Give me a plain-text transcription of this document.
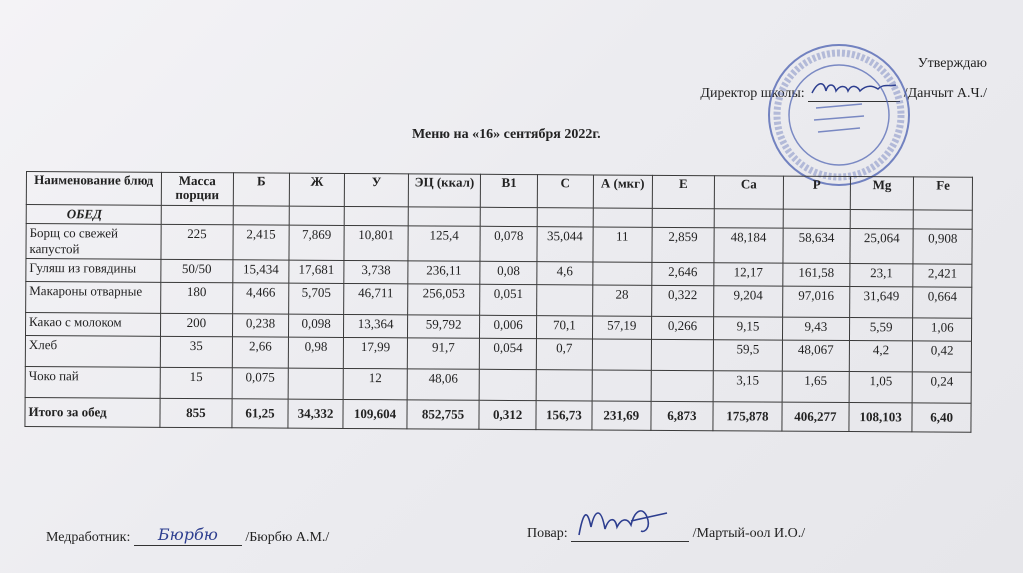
Утверждаю
Директор школы:	/Данчыт А.Ч./
Меню на «16» сентября 2022г.
Наименование блюд	Масса порции	Б	Ж	У	ЭЦ (ккал)	В1	С	А (мкг)	Е	Са	Р	Mg	Fe
ОБЕД													
Борщ со свежей капустой	225	2,415	7,869	10,801	125,4	0,078	35,044	11	2,859	48,184	58,634	25,064	0,908
Гуляш из говядины	50/50	15,434	17,681	3,738	236,11	0,08	4,6		2,646	12,17	161,58	23,1	2,421
Макароны отварные	180	4,466	5,705	46,711	256,053	0,051		28	0,322	9,204	97,016	31,649	0,664
Какао с молоком	200	0,238	0,098	13,364	59,792	0,006	70,1	57,19	0,266	9,15	9,43	5,59	1,06
Хлеб	35	2,66	0,98	17,99	91,7	0,054	0,7			59,5	48,067	4,2	0,42
Чоко пай	15	0,075		12	48,06					3,15	1,65	1,05	0,24
Итого за обед	855	61,25	34,332	109,604	852,755	0,312	156,73	231,69	6,873	175,878	406,277	108,103	6,40
Медработник: Бюрбю /Бюрбю А.М./	Повар:	/Мартый-оол И.О./
